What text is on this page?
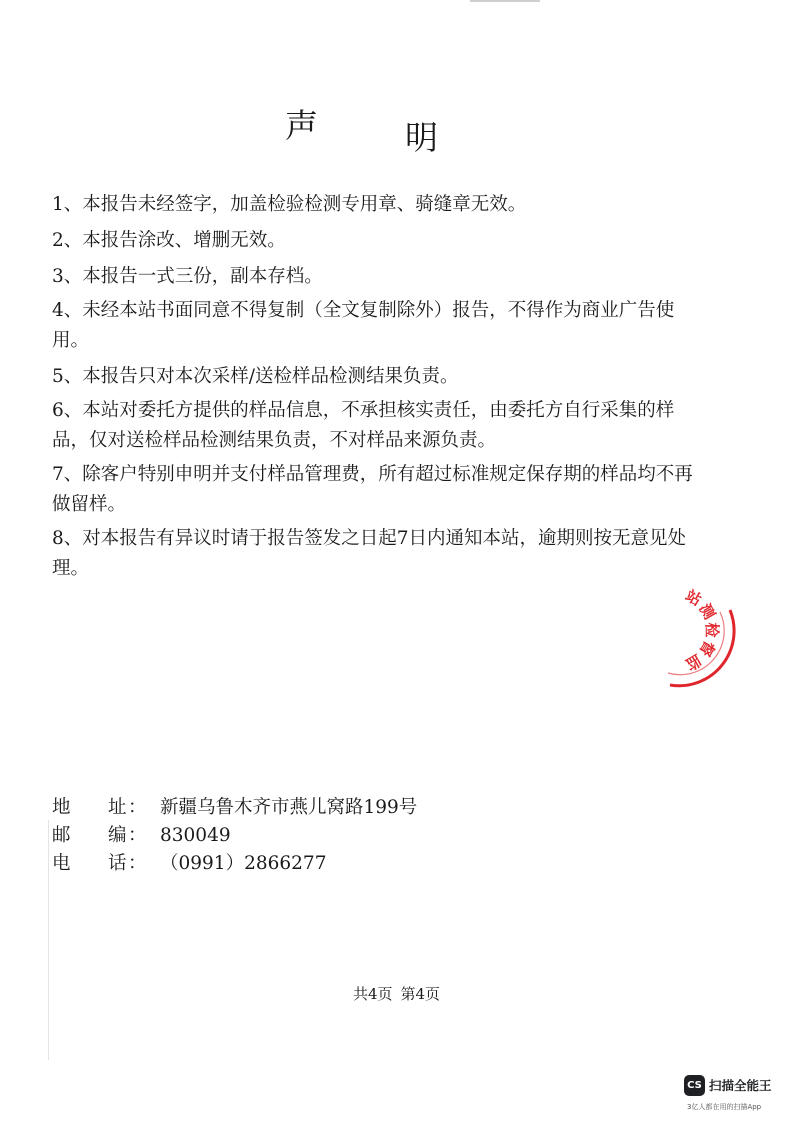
声	明
1、本报告未经签字，加盖检验检测专用章、骑缝章无效。
2、本报告涂改、增删无效。
3、本报告一式三份，副本存档。
4、未经本站书面同意不得复制（全文复制除外）报告，不得作为商业广告使用。
5、本报告只对本次采样/送检样品检测结果负责。
6、本站对委托方提供的样品信息，不承担核实责任，由委托方自行采集的样品，仅对送检样品检测结果负责，不对样品来源负责。
7、除客户特别申明并支付样品管理费，所有超过标准规定保存期的样品均不再做留样。
8、对本报告有异议时请于报告签发之日起7日内通知本站，逾期则按无意见处理。
站
测
检
督
监
地 址 ： 新疆乌鲁木齐市燕儿窝路199号
邮 编 ： 830049
电 话 ： （0991）2866277
共4页 第4页
CS 扫描全能王
3亿人都在用的扫描App
